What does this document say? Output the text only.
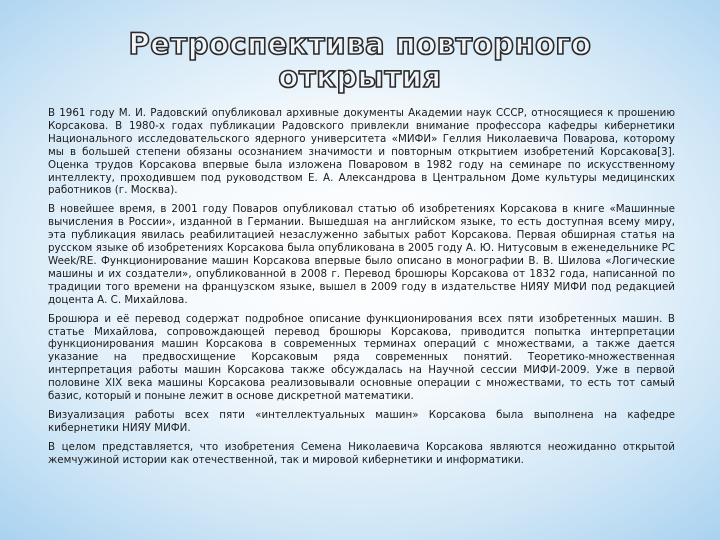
Ретроспектива повторного
открытия

В 1961 году М. И. Радовский опубликовал архивные документы Академии наук СССР, относящиеся к прошению Корсакова. В 1980-х годах публикации Радовского привлекли внимание профессора кафедры кибернетики Национального исследовательского ядерного университета «МИФИ» Геллия Николаевича Поварова, которому мы в большей степени обязаны осознанием значимости и повторным открытием изобретений Корсакова[3]. Оценка трудов Корсакова впервые была изложена Поваровом в 1982 году на семинаре по искусственному интеллекту, проходившем под руководством Е. А. Александрова в Центральном Доме культуры медицинских работников (г. Москва).

В новейшее время, в 2001 году Поваров опубликовал статью об изобретениях Корсакова в книге «Машинные вычисления в России», изданной в Германии. Вышедшая на английском языке, то есть доступная всему миру, эта публикация явилась реабилитацией незаслуженно забытых работ Корсакова. Первая обширная статья на русском языке об изобретениях Корсакова была опубликована в 2005 году А. Ю. Нитусовым в еженедельнике PC Week/RE. Функционирование машин Корсакова впервые было описано в монографии В. В. Шилова «Логические машины и их создатели», опубликованной в 2008 г. Перевод брошюры Корсакова от 1832 года, написанной по традиции того времени на французском языке, вышел в 2009 году в издательстве НИЯУ МИФИ под редакцией доцента А. С. Михайлова.

Брошюра и её перевод содержат подробное описание функционирования всех пяти изобретенных машин. В статье Михайлова, сопровождающей перевод брошюры Корсакова, приводится попытка интерпретации функционирования машин Корсакова в современных терминах операций с множествами, а также дается указание на предвосхищение Корсаковым ряда современных понятий. Теоретико-множественная интерпретация работы машин Корсакова также обсуждалась на Научной сессии МИФИ-2009. Уже в первой половине XIX века машины Корсакова реализовывали основные операции с множествами, то есть тот самый базис, который и поныне лежит в основе дискретной математики.

Визуализация работы всех пяти «интеллектуальных машин» Корсакова была выполнена на кафедре кибернетики НИЯУ МИФИ.

В целом представляется, что изобретения Семена Николаевича Корсакова являются неожиданно открытой жемчужиной истории как отечественной, так и мировой кибернетики и информатики.
